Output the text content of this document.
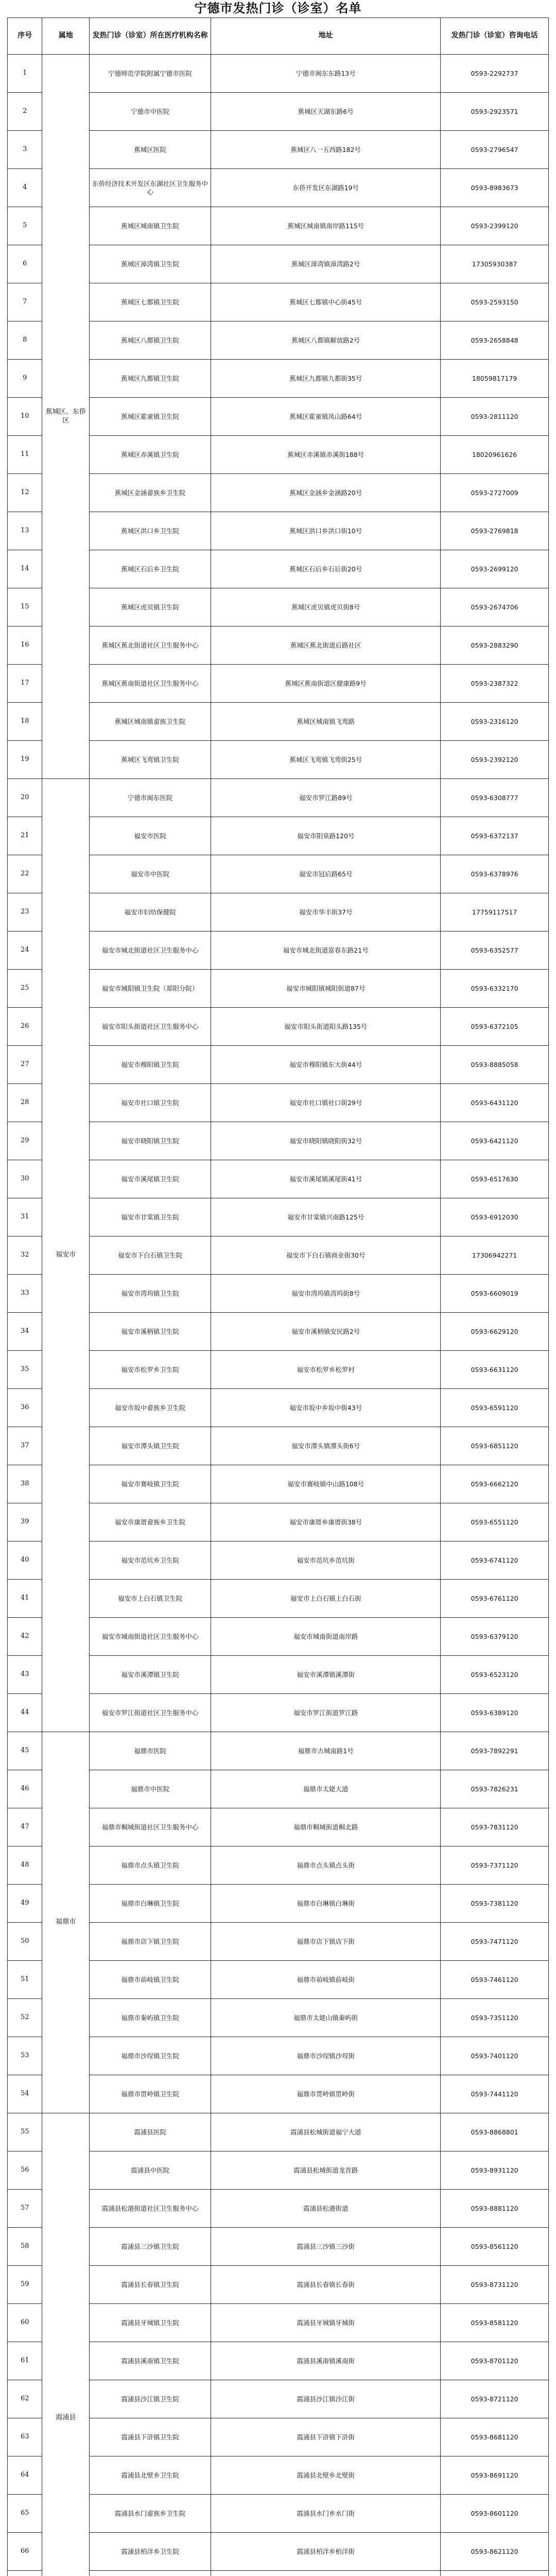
宁德市发热门诊（诊室）名单
序号	属地	发热门诊（诊室）所在医疗机构名称	地址	发热门诊（诊室）咨询电话
1	蕉城区、东侨区	宁德师范学院附属宁德市医院	宁德市闽东东路13号	0593-2292737
2		宁德市中医院	蕉城区天湖东路6号	0593-2923571
3		蕉城区医院	蕉城区八一五西路182号	0593-2796547
4		东侨经济技术开发区东湖社区卫生服务中心	东侨开发区东湖路19号	0593-8983673
5		蕉城区城南镇卫生院	蕉城区城南镇南岸路115号	0593-2399120
6		蕉城区漳湾镇卫生院	蕉城区漳湾镇漳湾路2号	17305930387
7		蕉城区七都镇卫生院	蕉城区七都镇中心街45号	0593-2593150
8		蕉城区八都镇卫生院	蕉城区八都镇解放路2号	0593-2658848
9		蕉城区九都镇卫生院	蕉城区九都镇九都街35号	18059817179
10		蕉城区霍童镇卫生院	蕉城区霍童镇凤山路64号	0593-2811120
11		蕉城区赤溪镇卫生院	蕉城区赤溪镇赤溪街188号	18020961626
12		蕉城区金涵畲族乡卫生院	蕉城区金涵乡金涵路20号	0593-2727009
13		蕉城区洪口乡卫生院	蕉城区洪口乡洪口街10号	0593-2769818
14		蕉城区石后乡卫生院	蕉城区石后乡石后街20号	0593-2699120
15		蕉城区虎贝镇卫生院	蕉城区虎贝镇虎贝街8号	0593-2674706
16		蕉城区蕉北街道社区卫生服务中心	蕉城区蕉北街道后路社区	0593-2883290
17		蕉城区蕉南街道社区卫生服务中心	蕉城区蕉南街道区健康路9号	0593-2387322
18		蕉城区城南镇畲族卫生院	蕉城区城南镇飞鸾路	0593-2316120
19		蕉城区飞鸾镇卫生院	蕉城区飞鸾镇飞鸾街25号	0593-2392120
20	福安市	宁德市闽东医院	福安市罗江路89号	0593-6308777
21		福安市医院	福安市阳泉路120号	0593-6372137
22		福安市中医院	福安市冠后路65号	0593-6378976
23		福安市妇幼保健院	福安市华丰街37号	17759117517
24		福安市城北街道社区卫生服务中心	福安市城北街道富春东路21号	0593-6352577
25		福安市城阳镇卫生院（郑阳分院）	福安市城阳镇城阳街道87号	0593-6332170
26		福安市阳头街道社区卫生服务中心	福安市阳头街道阳头路135号	0593-6372105
27		福安市穆阳镇卫生院	福安市穆阳镇东大街44号	0593-8885058
28		福安市社口镇卫生院	福安市社口镇社口街29号	0593-6431120
29		福安市晓阳镇卫生院	福安市晓阳镇晓阳街32号	0593-6421120
30		福安市溪尾镇卫生院	福安市溪尾镇溪尾街41号	0593-6517630
31		福安市甘棠镇卫生院	福安市甘棠镇兴南路125号	0593-6912030
32		福安市下白石镇卫生院	福安市下白石镇商业街30号	17306942271
33		福安市湾坞镇卫生院	福安市湾坞镇湾坞街8号	0593-6609019
34		福安市溪柄镇卫生院	福安市溪柄镇安民路2号	0593-6629120
35		福安市松罗乡卫生院	福安市松罗乡松罗村	0593-6631120
36		福安市坂中畲族乡卫生院	福安市坂中乡坂中街43号	0593-6591120
37		福安市潭头镇卫生院	福安市潭头镇潭头街6号	0593-6851120
38		福安市赛岐镇卫生院	福安市赛岐镇中山路108号	0593-6662120
39		福安市康厝畲族乡卫生院	福安市康厝乡康厝街38号	0593-6551120
40		福安市范坑乡卫生院	福安市范坑乡范坑街	0593-6741120
41		福安市上白石镇卫生院	福安市上白石镇上白石街	0593-6761120
42		福安市城南街道社区卫生服务中心	福安市城南街道南岸路	0593-6379120
43		福安市溪潭镇卫生院	福安市溪潭镇溪潭街	0593-6523120
44		福安市罗江街道社区卫生服务中心	福安市罗江街道罗江路	0593-6389120
45	福鼎市	福鼎市医院	福鼎市古城南路1号	0593-7892291
46		福鼎市中医院	福鼎市太姥大道	0593-7826231
47		福鼎市桐城街道社区卫生服务中心	福鼎市桐城街道桐北路	0593-7831120
48		福鼎市点头镇卫生院	福鼎市点头镇点头街	0593-7371120
49		福鼎市白琳镇卫生院	福鼎市白琳镇白琳街	0593-7381120
50		福鼎市店下镇卫生院	福鼎市店下镇店下街	0593-7471120
51		福鼎市前岐镇卫生院	福鼎市前岐镇前岐街	0593-7461120
52		福鼎市秦屿镇卫生院	福鼎市太姥山镇秦屿街	0593-7351120
53		福鼎市沙埕镇卫生院	福鼎市沙埕镇沙埕街	0593-7401120
54		福鼎市贯岭镇卫生院	福鼎市贯岭镇贯岭街	0593-7441120
55	霞浦县	霞浦县医院	霞浦县松城街道福宁大道	0593-8868801
56		霞浦县中医院	霞浦县松城街道龙首路	0593-8931120
57		霞浦县松港街道社区卫生服务中心	霞浦县松港街道	0593-8881120
58		霞浦县三沙镇卫生院	霞浦县三沙镇三沙街	0593-8561120
59		霞浦县长春镇卫生院	霞浦县长春镇长春街	0593-8731120
60		霞浦县牙城镇卫生院	霞浦县牙城镇牙城街	0593-8581120
61		霞浦县溪南镇卫生院	霞浦县溪南镇溪南街	0593-8701120
62		霞浦县沙江镇卫生院	霞浦县沙江镇沙江街	0593-8721120
63		霞浦县下浒镇卫生院	霞浦县下浒镇下浒街	0593-8681120
64		霞浦县北壁乡卫生院	霞浦县北壁乡北壁街	0593-8691120
65		霞浦县水门畲族乡卫生院	霞浦县水门乡水门街	0593-8601120
66		霞浦县柏洋乡卫生院	霞浦县柏洋乡柏洋街	0593-8621120
